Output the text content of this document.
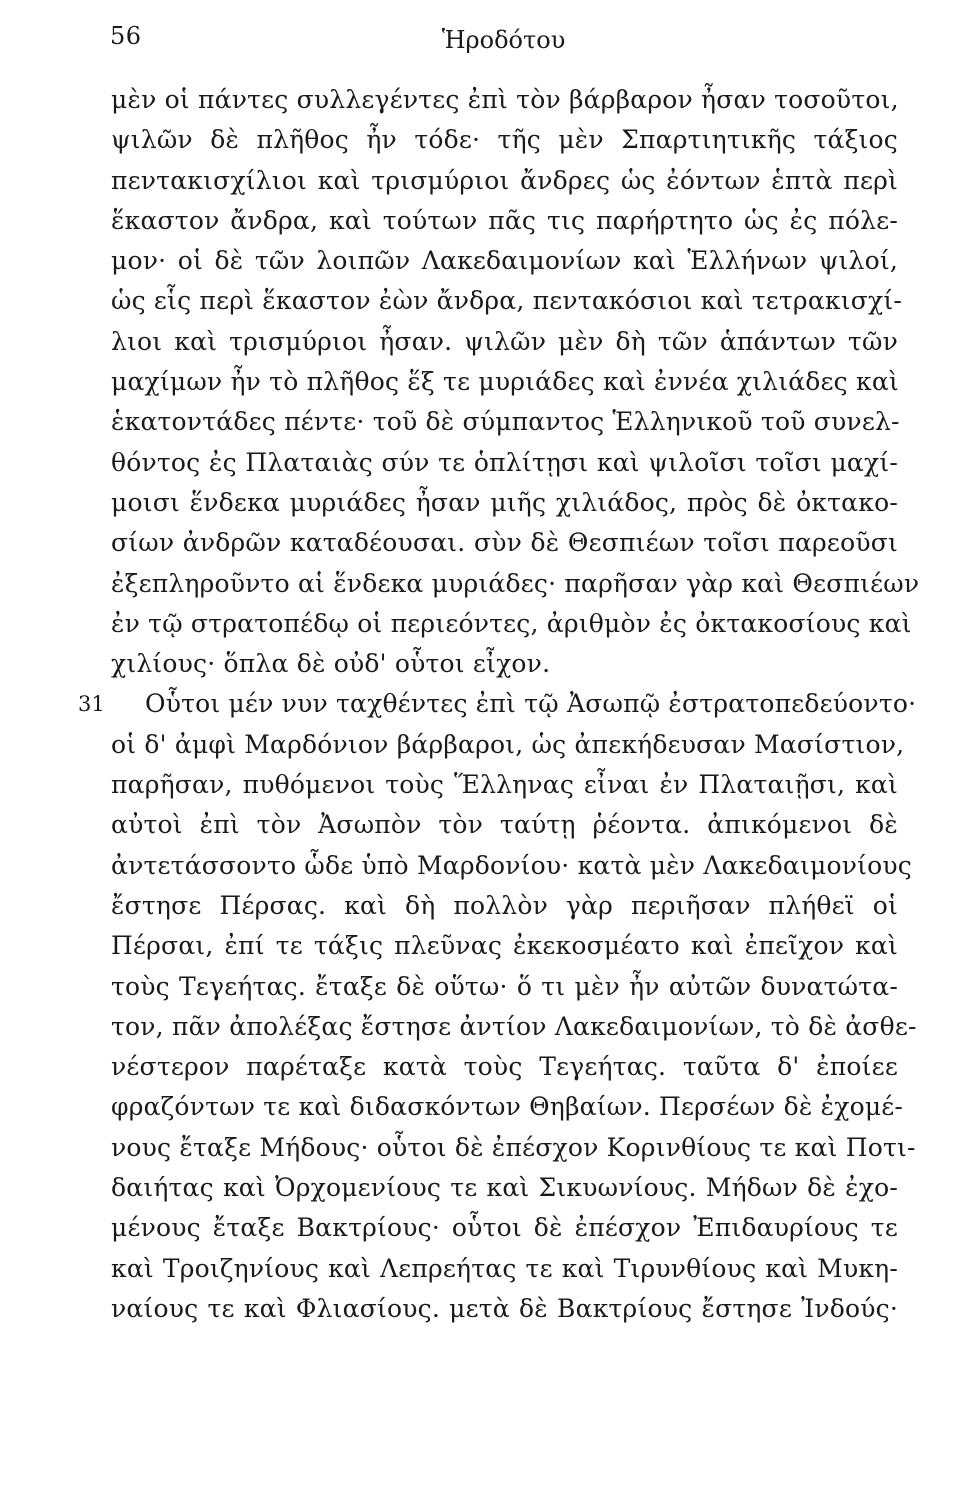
56	Ἡροδότου
μὲν οἱ πάντες συλλεγέντες ἐπὶ τὸν βάρβαρον ἦσαν τοσοῦτοι,
ψιλῶν δὲ πλῆθος ἦν τόδε· τῆς μὲν Σπαρτιητικῆς τάξιος
πεντακισχίλιοι καὶ τρισμύριοι ἄνδρες ὡς ἐόντων ἑπτὰ περὶ
ἕκαστον ἄνδρα, καὶ τούτων πᾶς τις παρήρτητο ὡς ἐς πόλε-
μον· οἱ δὲ τῶν λοιπῶν Λακεδαιμονίων καὶ Ἑλλήνων ψιλοί,
ὡς εἷς περὶ ἕκαστον ἐὼν ἄνδρα, πεντακόσιοι καὶ τετρακισχί-
λιοι καὶ τρισμύριοι ἦσαν. ψιλῶν μὲν δὴ τῶν ἁπάντων τῶν
μαχίμων ἦν τὸ πλῆθος ἕξ τε μυριάδες καὶ ἐννέα χιλιάδες καὶ
ἑκατοντάδες πέντε· τοῦ δὲ σύμπαντος Ἑλληνικοῦ τοῦ συνελ-
θόντος ἐς Πλαταιὰς σύν τε ὁπλίτῃσι καὶ ψιλοῖσι τοῖσι μαχί-
μοισι ἕνδεκα μυριάδες ἦσαν μιῆς χιλιάδος, πρὸς δὲ ὀκτακο-
σίων ἀνδρῶν καταδέουσαι. σὺν δὲ Θεσπιέων τοῖσι παρεοῦσι
ἐξεπληροῦντο αἱ ἕνδεκα μυριάδες· παρῆσαν γὰρ καὶ Θεσπιέων
ἐν τῷ στρατοπέδῳ οἱ περιεόντες, ἀριθμὸν ἐς ὀκτακοσίους καὶ
χιλίους· ὅπλα δὲ οὐδ' οὗτοι εἶχον.
31	Οὗτοι μέν νυν ταχθέντες ἐπὶ τῷ Ἀσωπῷ ἐστρατοπεδεύοντο·
οἱ δ' ἀμφὶ Μαρδόνιον βάρβαροι, ὡς ἀπεκήδευσαν Μασίστιον,
παρῆσαν, πυθόμενοι τοὺς Ἕλληνας εἶναι ἐν Πλαταιῇσι, καὶ
αὐτοὶ ἐπὶ τὸν Ἀσωπὸν τὸν ταύτῃ ῥέοντα. ἀπικόμενοι δὲ
ἀντετάσσοντο ὧδε ὑπὸ Μαρδονίου· κατὰ μὲν Λακεδαιμονίους
ἔστησε Πέρσας. καὶ δὴ πολλὸν γὰρ περιῆσαν πλήθεϊ οἱ
Πέρσαι, ἐπί τε τάξις πλεῦνας ἐκεκοσμέατο καὶ ἐπεῖχον καὶ
τοὺς Τεγεήτας. ἔταξε δὲ οὕτω· ὅ τι μὲν ἦν αὐτῶν δυνατώτα-
τον, πᾶν ἀπολέξας ἔστησε ἀντίον Λακεδαιμονίων, τὸ δὲ ἀσθε-
νέστερον παρέταξε κατὰ τοὺς Τεγεήτας. ταῦτα δ' ἐποίεε
φραζόντων τε καὶ διδασκόντων Θηβαίων. Περσέων δὲ ἐχομέ-
νους ἔταξε Μήδους· οὗτοι δὲ ἐπέσχον Κορινθίους τε καὶ Ποτι-
δαιήτας καὶ Ὀρχομενίους τε καὶ Σικυωνίους. Μήδων δὲ ἐχο-
μένους ἔταξε Βακτρίους· οὗτοι δὲ ἐπέσχον Ἐπιδαυρίους τε
καὶ Τροιζηνίους καὶ Λεπρεήτας τε καὶ Τιρυνθίους καὶ Μυκη-
ναίους τε καὶ Φλιασίους. μετὰ δὲ Βακτρίους ἔστησε Ἰνδούς·
